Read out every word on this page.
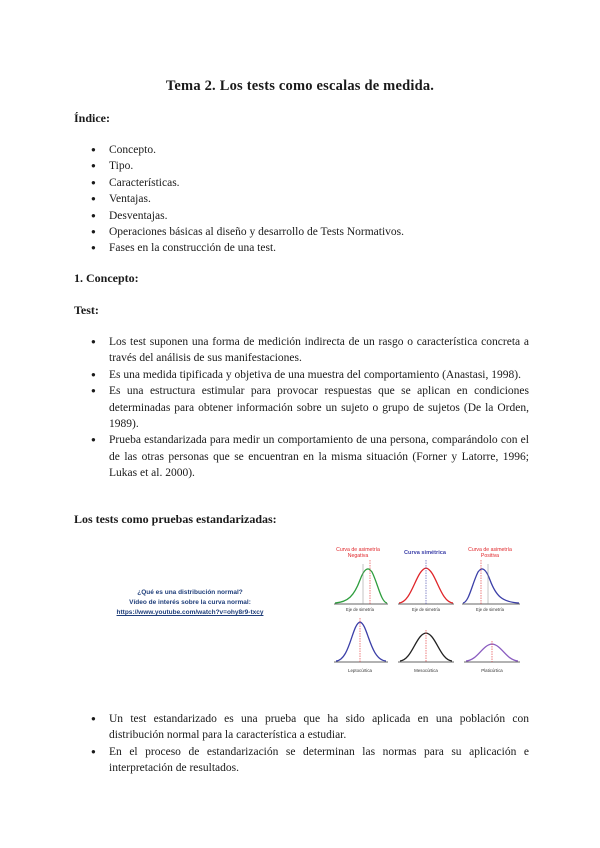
Tema 2. Los tests como escalas de medida.
Índice:
● Concepto.
● Tipo.
● Características.
● Ventajas.
● Desventajas.
● Operaciones básicas al diseño y desarrollo de Tests Normativos.
● Fases en la construcción de una test.
1. Concepto:
Test:
● Los test suponen una forma de medición indirecta de un rasgo o característica concreta a través del análisis de sus manifestaciones.
● Es una medida tipificada y objetiva de una muestra del comportamiento (Anastasi, 1998).
● Es una estructura estimular para provocar respuestas que se aplican en condiciones determinadas para obtener información sobre un sujeto o grupo de sujetos (De la Orden, 1989).
● Prueba estandarizada para medir un comportamiento de una persona, comparándolo con el de las otras personas que se encuentran en la misma situación (Forner y Latorre, 1996; Lukas et al. 2000).
Los tests como pruebas estandarizadas:
¿Qué es una distribución normal?
Vídeo de interés sobre la curva normal:
https://www.youtube.com/watch?v=ohy8r9-txcy
Curva de asimetría
Negativa	Curva simétrica	Curva de asimetría
Positiva
Eje de simetría	Eje de simetría	Eje de simetría
Leptocúrtica	Mesocúrtica	Platicúrtica
● Un test estandarizado es una prueba que ha sido aplicada en una población con distribución normal para la característica a estudiar.
● En el proceso de estandarización se determinan las normas para su aplicación e interpretación de resultados.
